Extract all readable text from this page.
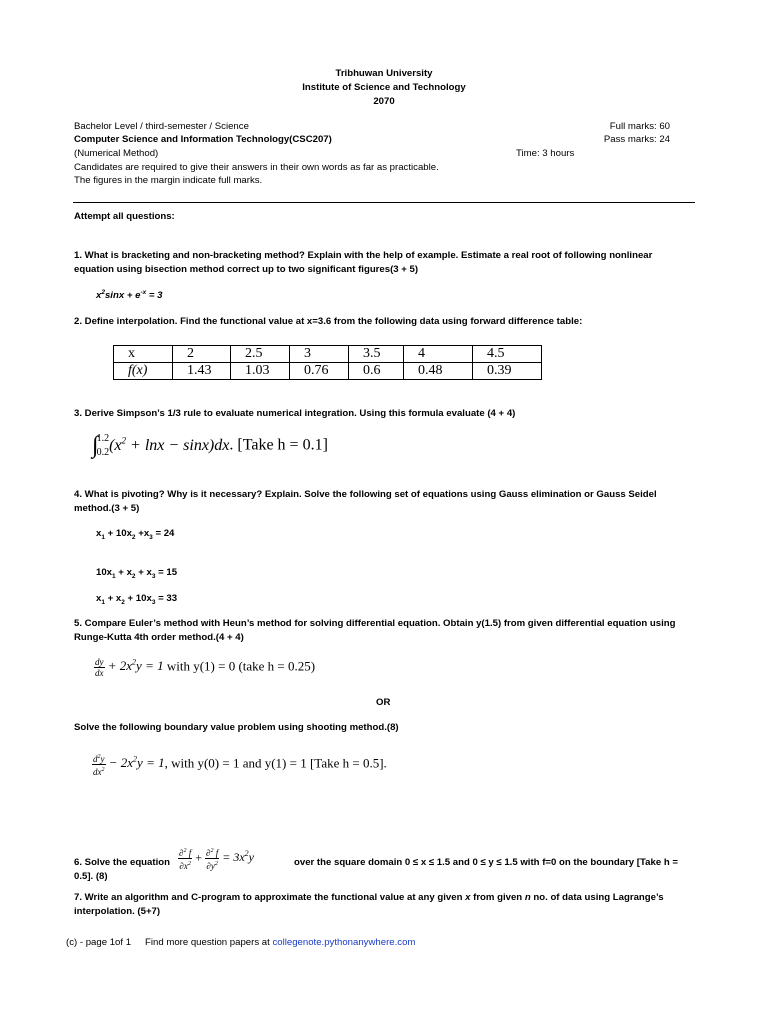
Tribhuwan University
Institute of Science and Technology
2070
Bachelor Level / third-semester / Science	Full marks: 60
Computer Science and Information Technology(CSC207)	Pass marks: 24
(Numerical Method)	Time: 3 hours
Candidates are required to give their answers in their own words as far as practicable.
The figures in the margin indicate full marks.
Attempt all questions:
1. What is bracketing and non-bracketing method? Explain with the help of example. Estimate a real root of following nonlinear
equation using bisection method correct up to two significant figures(3 + 5)
$x^2\sin x + e^{-x} = 3$
2. Define interpolation. Find the functional value at x=3.6 from the following data using forward difference table:
x	2	2.5	3	3.5	4	4.5
f(x)	1.43	1.03	0.76	0.6	0.48	0.39
3. Derive Simpson’s 1/3 rule to evaluate numerical integration. Using this formula evaluate (4 + 4)
∫
1.2
0.2 $(x^2 + \ln x - \sin x)dx$. [Take h = 0.1]
4. What is pivoting? Why is it necessary? Explain. Solve the following set of equations using Gauss elimination or Gauss Seidel
method.(3 + 5)
$x_1 + 10x_2 +x_3 = 24$
$10x_1 + x_2 + x_3 = 15$
$x_1 + x_2 + 10x_3 = 33$
5. Compare Euler’s method with Heun’s method for solving differential equation. Obtain y(1.5) from given differential equation using
Runge-Kutta 4th order method.(4 + 4)
$\frac{dy}{dx} + 2x^2y = 1$ with y(1) = 0 (take h = 0.25)
OR
Solve the following boundary value problem using shooting method.(8)
$\frac{d^2y}{dx^2} - 2x^2y = 1$, with y(0) = 1 and y(1) = 1 [Take h = 0.5].
6. Solve the equation $\frac{\partial^2 f}{\partial x^2} + \frac{\partial^2 f}{\partial y^2} = 3x^2y$	over the square domain 0 ≤ x ≤ 1.5 and 0 ≤ y ≤ 1.5 with f=0 on the boundary [Take h =
0.5]. (8)
7. Write an algorithm and C-program to approximate the functional value at any given x from given n no. of data using Lagrange’s
interpolation. (5+7)
(c) - page 1of 1 Find more question papers at collegenote.pythonanywhere.com
